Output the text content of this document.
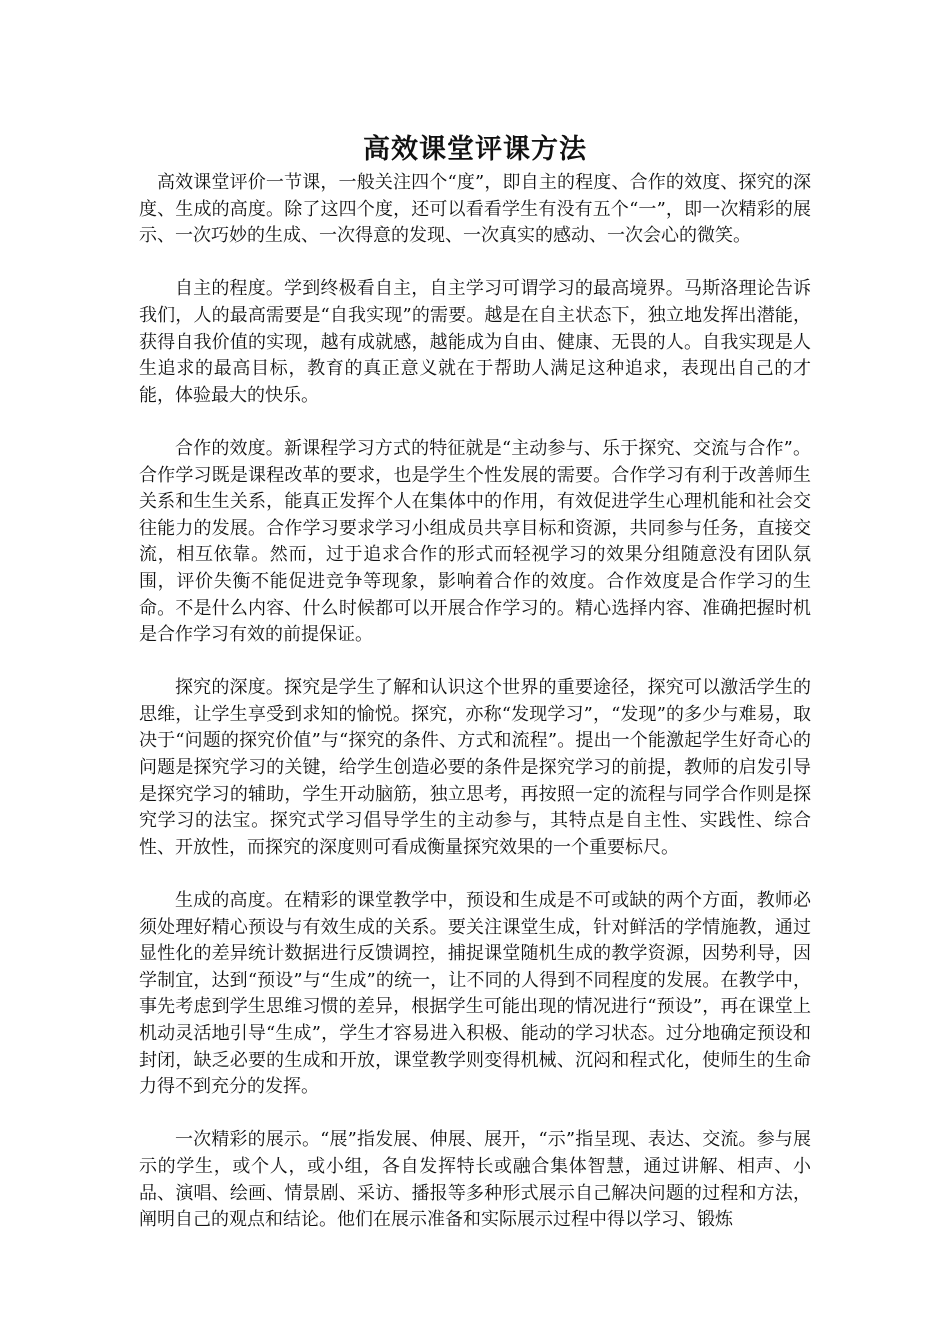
高效课堂评课方法

高效课堂评价一节课，一般关注四个“度”，即自主的程度、合作的效度、探究的深度、生成的高度。除了这四个度，还可以看看学生有没有五个“一”，即一次精彩的展示、一次巧妙的生成、一次得意的发现、一次真实的感动、一次会心的微笑。

自主的程度。学到终极看自主，自主学习可谓学习的最高境界。马斯洛理论告诉我们，人的最高需要是“自我实现”的需要。越是在自主状态下，独立地发挥出潜能，获得自我价值的实现，越有成就感，越能成为自由、健康、无畏的人。自我实现是人生追求的最高目标，教育的真正意义就在于帮助人满足这种追求，表现出自己的才能，体验最大的快乐。

合作的效度。新课程学习方式的特征就是“主动参与、乐于探究、交流与合作”。合作学习既是课程改革的要求，也是学生个性发展的需要。合作学习有利于改善师生关系和生生关系，能真正发挥个人在集体中的作用，有效促进学生心理机能和社会交往能力的发展。合作学习要求学习小组成员共享目标和资源，共同参与任务，直接交流，相互依靠。然而，过于追求合作的形式而轻视学习的效果分组随意没有团队氛围，评价失衡不能促进竞争等现象，影响着合作的效度。合作效度是合作学习的生命。不是什么内容、什么时候都可以开展合作学习的。精心选择内容、准确把握时机是合作学习有效的前提保证。

探究的深度。探究是学生了解和认识这个世界的重要途径，探究可以激活学生的思维，让学生享受到求知的愉悦。探究，亦称“发现学习”，“发现”的多少与难易，取决于“问题的探究价值”与“探究的条件、方式和流程”。提出一个能激起学生好奇心的问题是探究学习的关键，给学生创造必要的条件是探究学习的前提，教师的启发引导是探究学习的辅助，学生开动脑筋，独立思考，再按照一定的流程与同学合作则是探究学习的法宝。探究式学习倡导学生的主动参与，其特点是自主性、实践性、综合性、开放性，而探究的深度则可看成衡量探究效果的一个重要标尺。

生成的高度。在精彩的课堂教学中，预设和生成是不可或缺的两个方面，教师必须处理好精心预设与有效生成的关系。要关注课堂生成，针对鲜活的学情施教，通过显性化的差异统计数据进行反馈调控，捕捉课堂随机生成的教学资源，因势利导，因学制宜，达到“预设”与“生成”的统一，让不同的人得到不同程度的发展。在教学中，事先考虑到学生思维习惯的差异，根据学生可能出现的情况进行“预设”，再在课堂上机动灵活地引导“生成”，学生才容易进入积极、能动的学习状态。过分地确定预设和封闭，缺乏必要的生成和开放，课堂教学则变得机械、沉闷和程式化，使师生的生命力得不到充分的发挥。

一次精彩的展示。“展”指发展、伸展、展开，“示”指呈现、表达、交流。参与展示的学生，或个人，或小组，各自发挥特长或融合集体智慧，通过讲解、相声、小品、演唱、绘画、情景剧、采访、播报等多种形式展示自己解决问题的过程和方法，阐明自己的观点和结论。他们在展示准备和实际展示过程中得以学习、锻炼
